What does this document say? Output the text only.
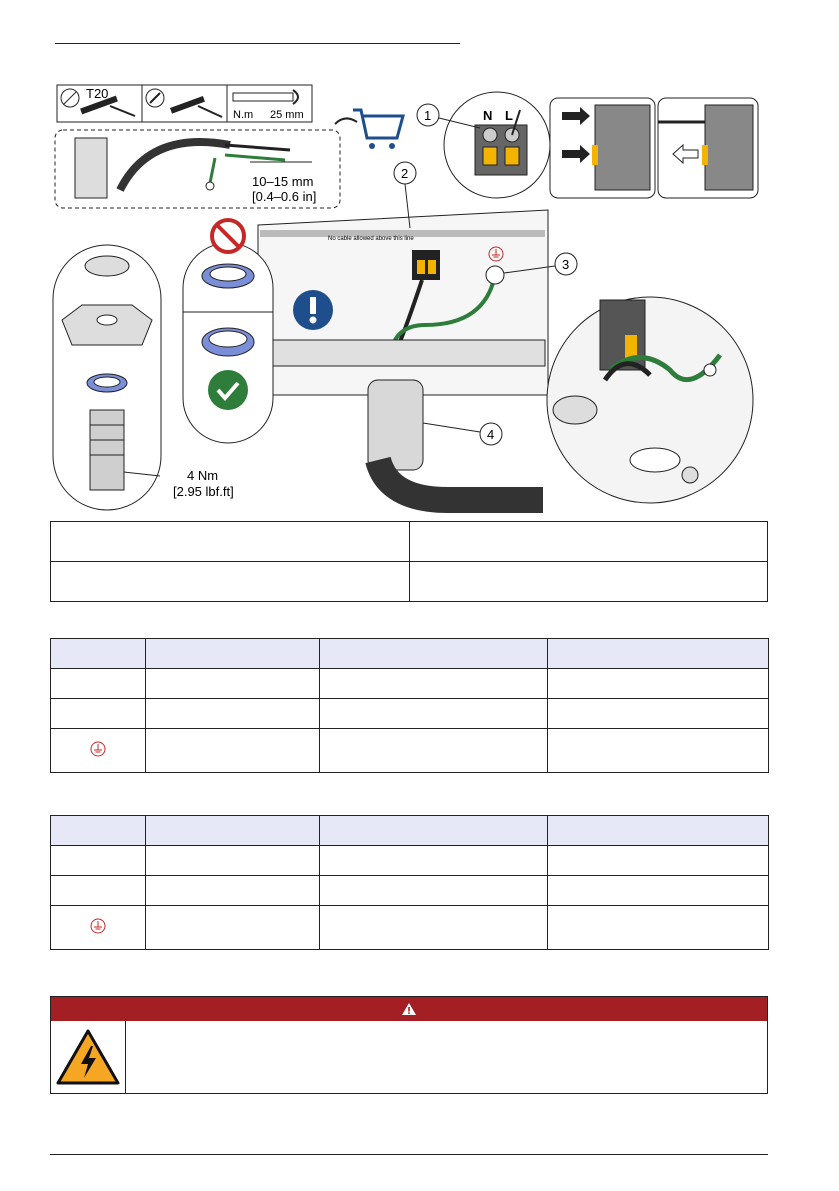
T20
N.m 25 mm
10–15 mm
[0.4–0.6 in]
No cable allowed above this line
4 Nm
[2.95 lbf.ft]
N L
1
2
3
4
